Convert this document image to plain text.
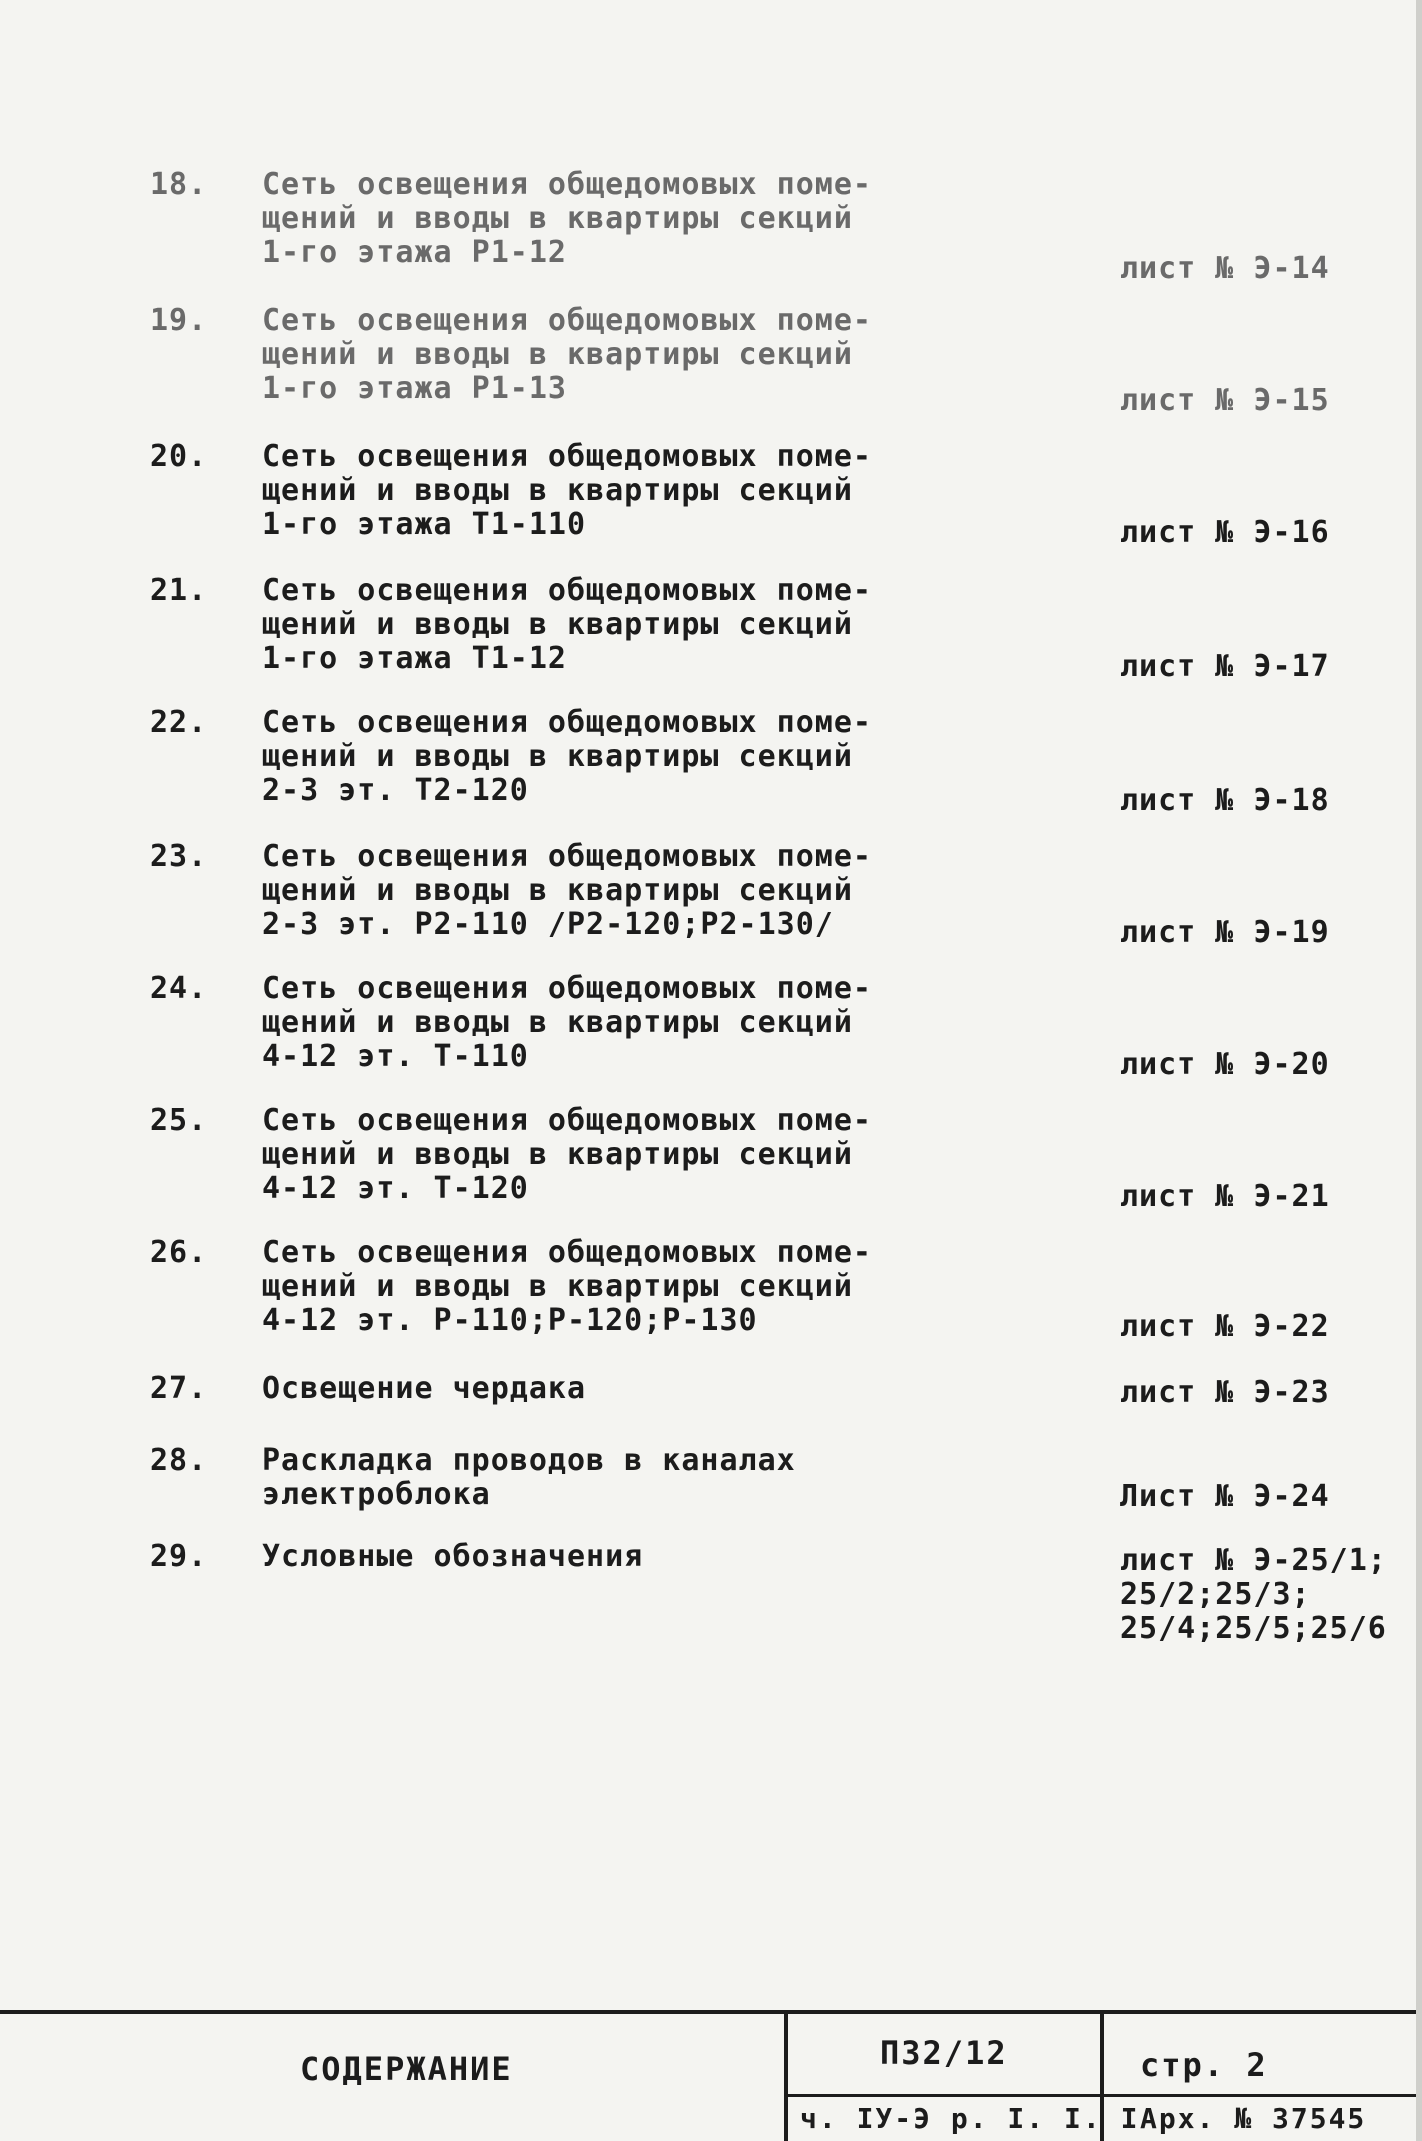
18.	Сеть освещения общедомовых поме-
щений и вводы в квартиры секций
1-го этажа Р1-12	лист № Э-14
19.	Сеть освещения общедомовых поме-
щений и вводы в квартиры секций
1-го этажа Р1-13	лист № Э-15
20.	Сеть освещения общедомовых поме-
щений и вводы в квартиры секций
1-го этажа Т1-110	лист № Э-16
21.	Сеть освещения общедомовых поме-
щений и вводы в квартиры секций
1-го этажа Т1-12	лист № Э-17
22.	Сеть освещения общедомовых поме-
щений и вводы в квартиры секций
2-3 эт. Т2-120	лист № Э-18
23.	Сеть освещения общедомовых поме-
щений и вводы в квартиры секций
2-3 эт. Р2-110 /Р2-120;Р2-130/	лист № Э-19
24.	Сеть освещения общедомовых поме-
щений и вводы в квартиры секций
4-12 эт. Т-110	лист № Э-20
25.	Сеть освещения общедомовых поме-
щений и вводы в квартиры секций
4-12 эт. Т-120	лист № Э-21
26.	Сеть освещения общедомовых поме-
щений и вводы в квартиры секций
4-12 эт. Р-110;Р-120;Р-130	лист № Э-22
27.	Освещение чердака	лист № Э-23
28.	Раскладка проводов в каналах
электроблока	Лист № Э-24
29.	Условные обозначения	лист № Э-25/1;
25/2;25/3;
25/4;25/5;25/6
СОДЕРЖАНИЕ	П32/12
ч. IУ-Э р. I. I. I
стр. 2
Арх. № 37545
